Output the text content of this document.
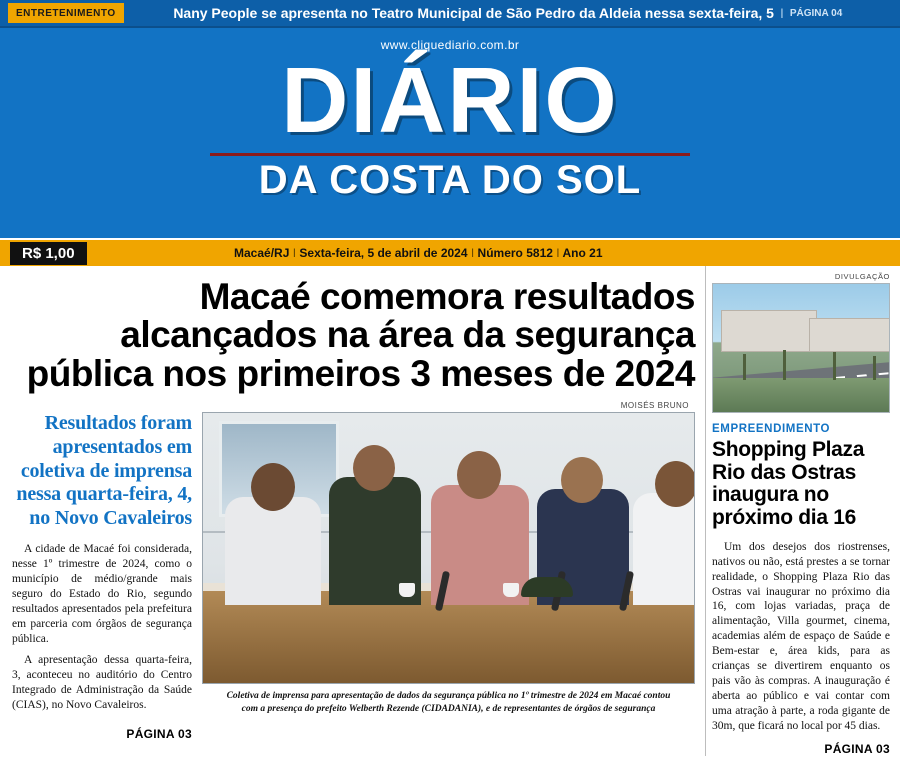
ENTRETENIMENTO	Nany People se apresenta no Teatro Municipal de São Pedro da Aldeia nessa sexta-feira, 5 I PÁGINA 04
www.cliquediario.com.br
DIÁRIO
DA COSTA DO SOL
R$ 1,00	Macaé/RJ I Sexta-feira, 5 de abril de 2024 I Número 5812 I Ano 21
Macaé comemora resultados alcançados na área da segurança pública nos primeiros 3 meses de 2024
MOISÉS BRUNO
Resultados foram apresentados em coletiva de imprensa nessa quarta-feira, 4, no Novo Cavaleiros

A cidade de Macaé foi considerada, nesse 1º trimestre de 2024, como o município de médio/grande mais seguro do Estado do Rio, segundo resultados apresentados pela prefeitura em parceria com órgãos de segurança pública.

A apresentação dessa quarta-feira, 3, aconteceu no auditório do Centro Integrado de Administração da Saúde (CIAS), no Novo Cavaleiros.

PÁGINA 03
Coletiva de imprensa para apresentação de dados da segurança pública no 1º trimestre de 2024 em Macaé contou
com a presença do prefeito Welberth Rezende (CIDADANIA), e de representantes de órgãos de segurança
DIVULGAÇÃO
EMPREENDIMENTO
Shopping Plaza Rio das Ostras inaugura no próximo dia 16

Um dos desejos dos riostrenses, nativos ou não, está prestes a se tornar realidade, o Shopping Plaza Rio das Ostras vai inaugurar no próximo dia 16, com lojas variadas, praça de alimentação, Villa gourmet, cinema, academias além de espaço de Saúde e Bem-estar e, área kids, para as crianças se divertirem enquanto os pais vão às compras. A inauguração é aberta ao público e vai contar com uma atração à parte, a roda gigante de 30m, que ficará no local por 45 dias.

PÁGINA 03
